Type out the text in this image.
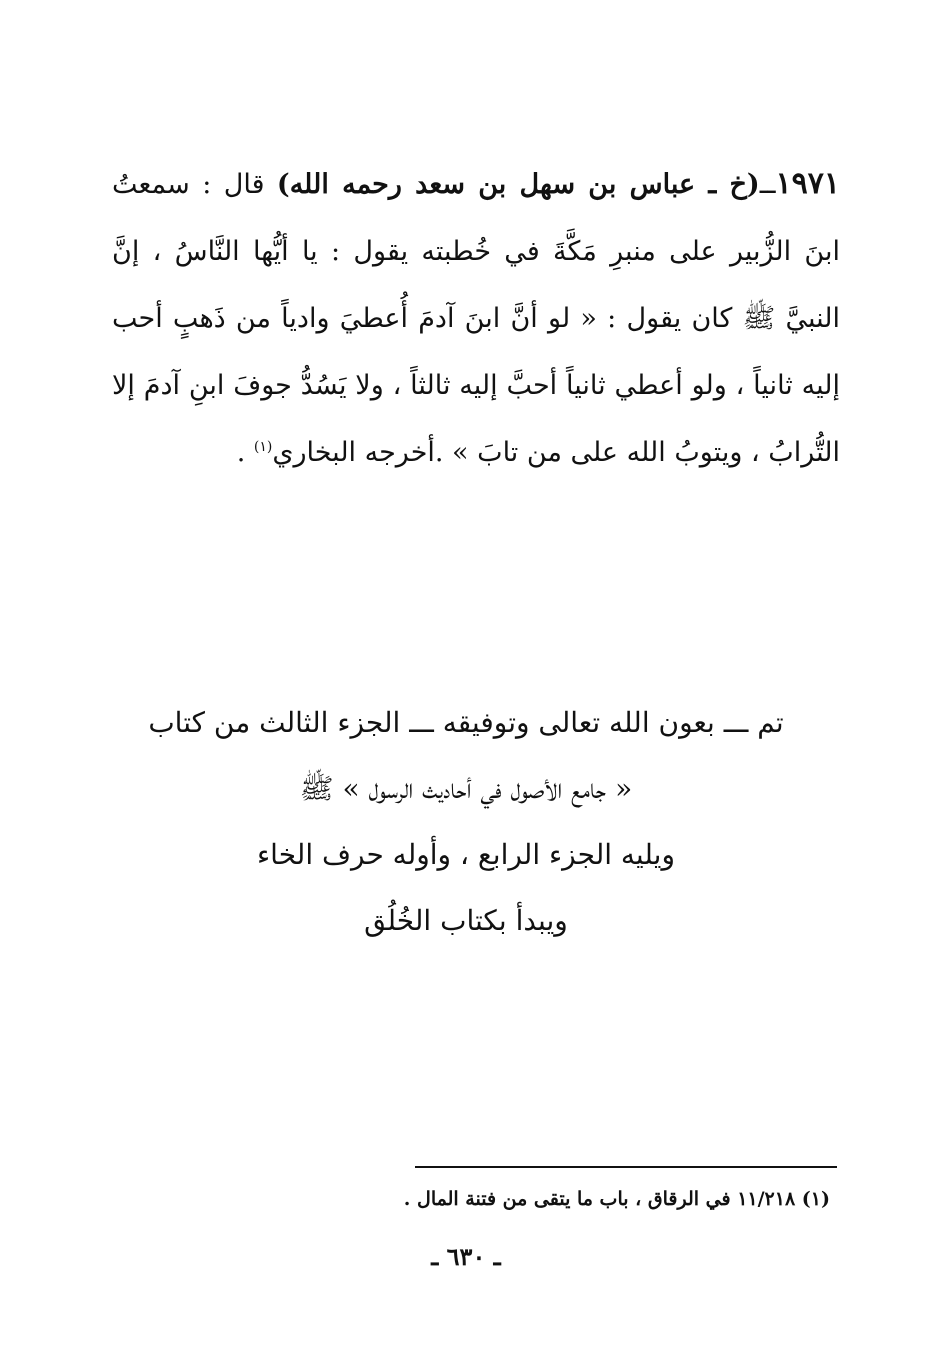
١٩٧١ــ(خ ـ عباس بن سهل بن سعد رحمه الله) قال : سمعتُ ابنَ الزُّبير على منبرِ مَكَّةَ في خُطبته يقول : يا أيُّها النَّاسُ ، إنَّ النبيَّ ﷺ كان يقول : « لو أنَّ ابنَ آدمَ أُعطيَ وادياً من ذَهبٍ أحب إليه ثانياً ، ولو أعطي ثانياً أحبَّ إليه ثالثاً ، ولا يَسُدُّ جوفَ ابنِ آدمَ إلا التُّرابُ ، ويتوبُ الله على من تابَ » .أخرجه البخاري$^{(١)}$ .
تم ـــ بعون الله تعالى وتوفيقه ـــ الجزء الثالث من كتاب
« جامع الأصول في أحاديث الرسول » ﷺ
ويليه الجزء الرابع ، وأوله حرف الخاء
ويبدأ بكتاب الخُلُق
(١) ١١/٢١٨ في الرقاق ، باب ما يتقى من فتنة المال .
ـ ٦٣٠ ـ
